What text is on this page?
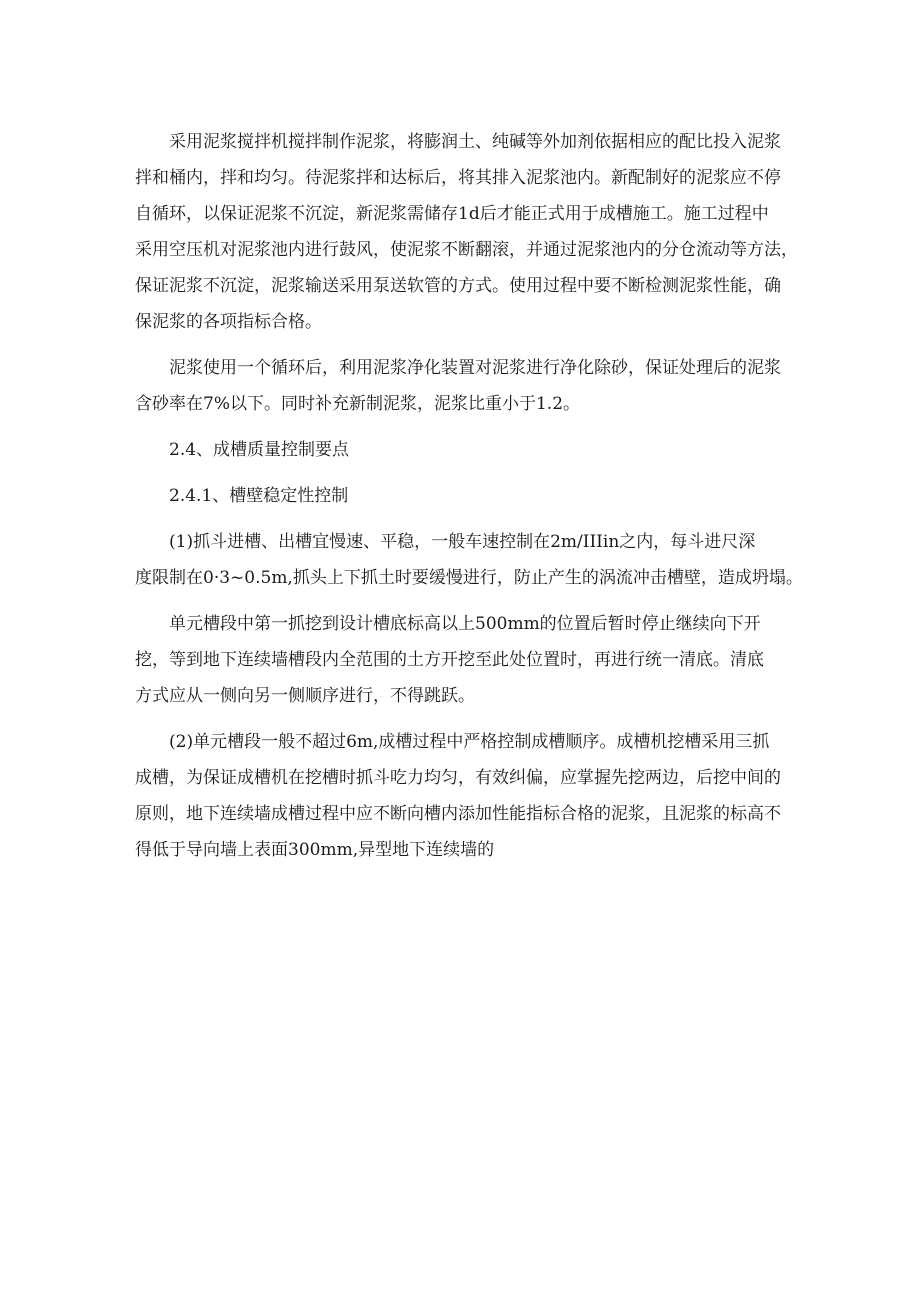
采用泥浆搅拌机搅拌制作泥浆，将膨润土、纯碱等外加剂依据相应的配比投入泥浆
拌和桶内，拌和均匀。待泥浆拌和达标后，将其排入泥浆池内。新配制好的泥浆应不停
自循环，以保证泥浆不沉淀，新泥浆需储存1d后才能正式用于成槽施工。施工过程中
采用空压机对泥浆池内进行鼓风，使泥浆不断翻滚，并通过泥浆池内的分仓流动等方法，
保证泥浆不沉淀，泥浆输送采用泵送软管的方式。使用过程中要不断检测泥浆性能，确
保泥浆的各项指标合格。

泥浆使用一个循环后，利用泥浆净化装置对泥浆进行净化除砂，保证处理后的泥浆
含砂率在7%以下。同时补充新制泥浆，泥浆比重小于1.2。

2.4、成槽质量控制要点

2.4.1、槽壁稳定性控制

(1)抓斗进槽、出槽宜慢速、平稳，一般车速控制在2m/IIIin之内，每斗进尺深
度限制在0·3~0.5m,抓头上下抓土时要缓慢进行，防止产生的涡流冲击槽壁，造成坍塌。

单元槽段中第一抓挖到设计槽底标高以上500mm的位置后暂时停止继续向下开
挖，等到地下连续墙槽段内全范围的土方开挖至此处位置时，再进行统一清底。清底
方式应从一侧向另一侧顺序进行，不得跳跃。

(2)单元槽段一般不超过6m,成槽过程中严格控制成槽顺序。成槽机挖槽采用三抓
成槽，为保证成槽机在挖槽时抓斗吃力均匀，有效纠偏，应掌握先挖两边，后挖中间的
原则，地下连续墙成槽过程中应不断向槽内添加性能指标合格的泥浆，且泥浆的标高不
得低于导向墙上表面300mm,异型地下连续墙的
